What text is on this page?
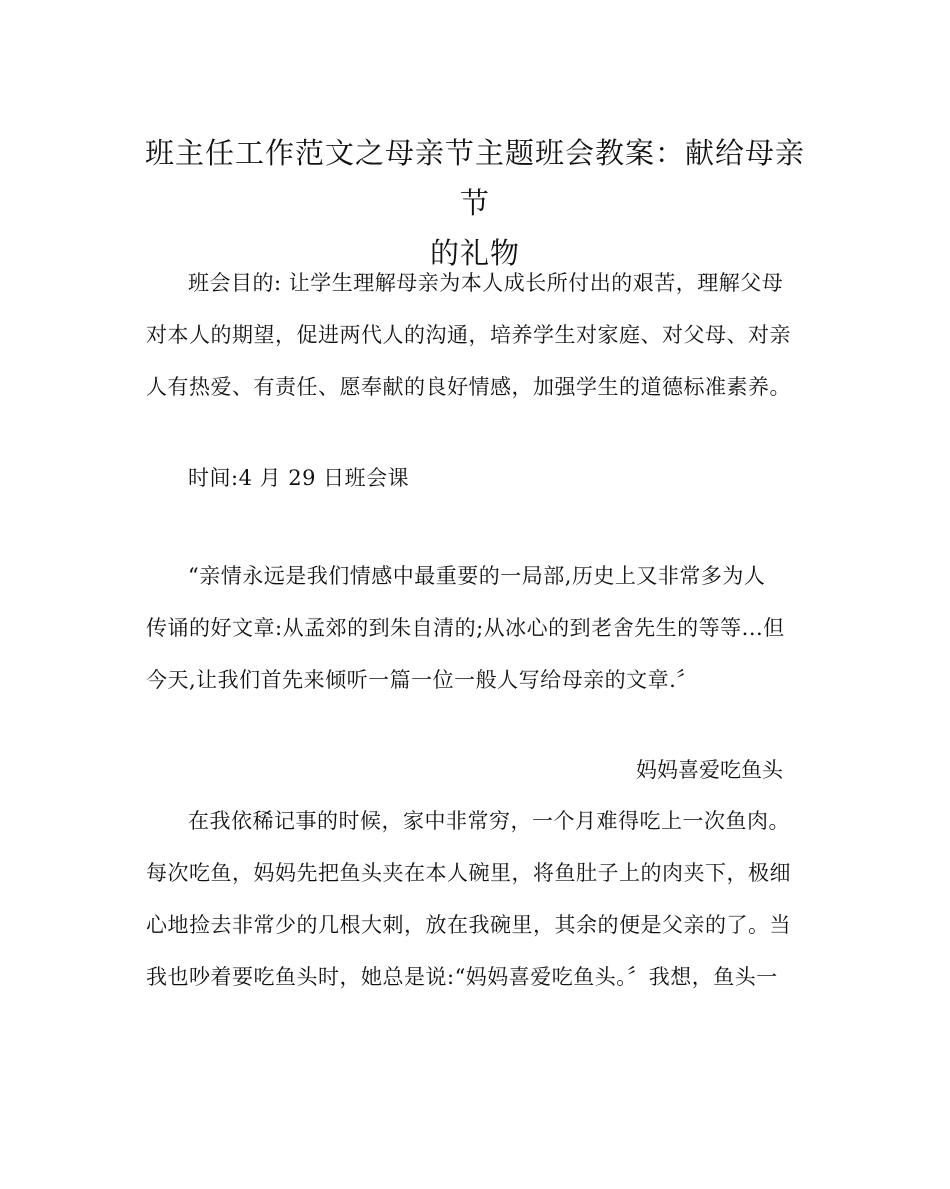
班主任工作范文之母亲节主题班会教案：献给母亲节
的礼物
班会目的: 让学生理解母亲为本人成长所付出的艰苦，理解父母
对本人的期望，促进两代人的沟通，培养学生对家庭、对父母、对亲
人有热爱、有责任、愿奉献的良好情感，加强学生的道德标准素养。
时间:4 月 29 日班会课
“亲情永远是我们情感中最重要的一局部,历史上又非常多为人
传诵的好文章:从孟郊的到朱自清的;从冰心的到老舍先生的等等...但
今天,让我们首先来倾听一篇一位一般人写给母亲的文章.〞
妈妈喜爱吃鱼头
在我依稀记事的时候，家中非常穷，一个月难得吃上一次鱼肉。
每次吃鱼，妈妈先把鱼头夹在本人碗里，将鱼肚子上的肉夹下，极细
心地捡去非常少的几根大刺，放在我碗里，其余的便是父亲的了。当
我也吵着要吃鱼头时，她总是说:“妈妈喜爱吃鱼头。〞我想，鱼头一
